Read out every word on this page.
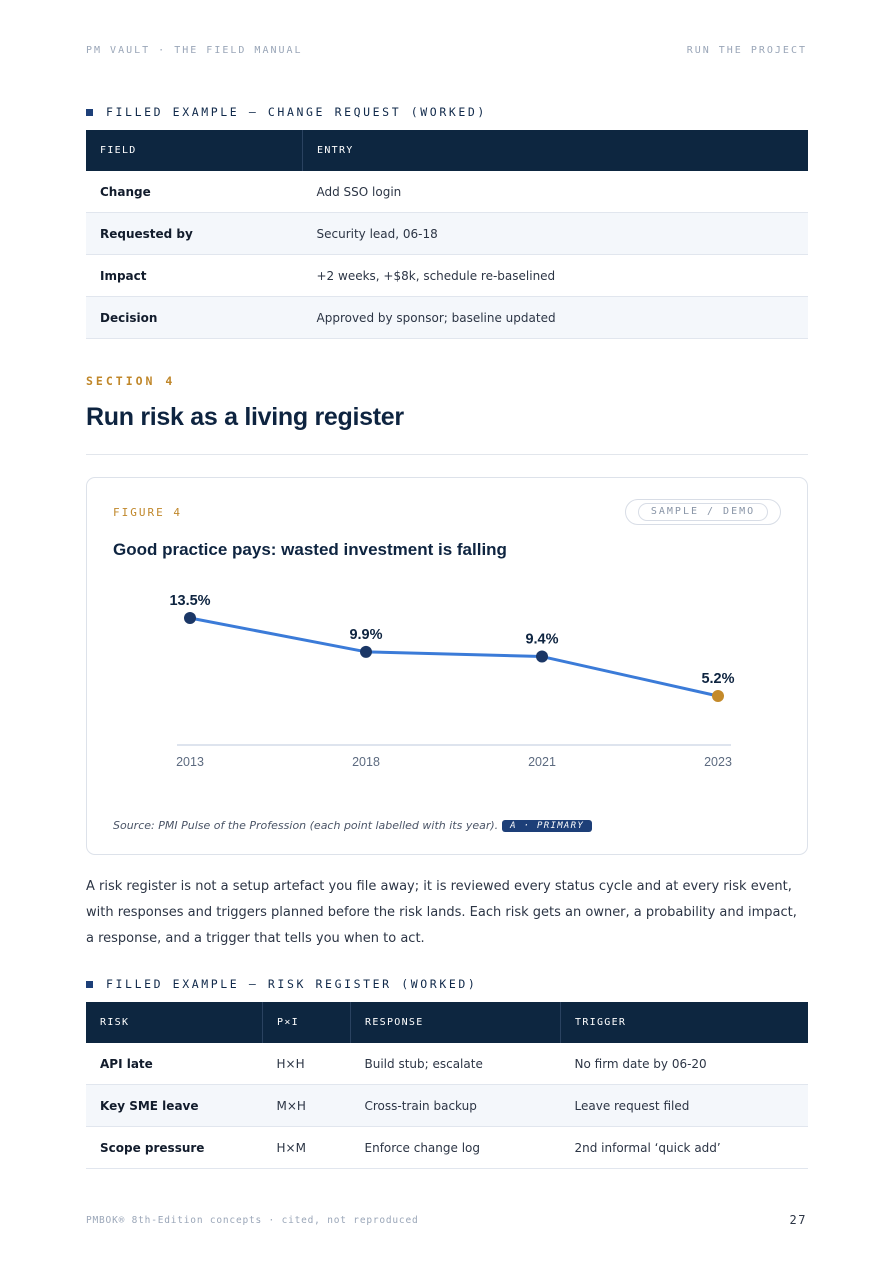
PM VAULT · THE FIELD MANUAL	RUN THE PROJECT
FILLED EXAMPLE — CHANGE REQUEST (WORKED)
FIELD	ENTRY
Change	Add SSO login
Requested by	Security lead, 06-18
Impact	+2 weeks, +$8k, schedule re-baselined
Decision	Approved by sponsor; baseline updated
SECTION 4
Run risk as a living register
FIGURE 4	SAMPLE / DEMO
Good practice pays: wasted investment is falling
13.5%
2013
9.9%
2018
9.4%
2021
5.2%
2023
Source: PMI Pulse of the Profession (each point labelled with its year).	A · PRIMARY

A risk register is not a setup artefact you file away; it is reviewed every status cycle and at every risk event, with responses and triggers planned before the risk lands. Each risk gets an owner, a probability and impact, a response, and a trigger that tells you when to act.

FILLED EXAMPLE — RISK REGISTER (WORKED)
RISK	P×I	RESPONSE	TRIGGER
API late	H×H	Build stub; escalate	No firm date by 06-20
Key SME leave	M×H	Cross-train backup	Leave request filed
Scope pressure	H×M	Enforce change log	2nd informal ‘quick add’
PMBOK® 8th-Edition concepts · cited, not reproduced	27
